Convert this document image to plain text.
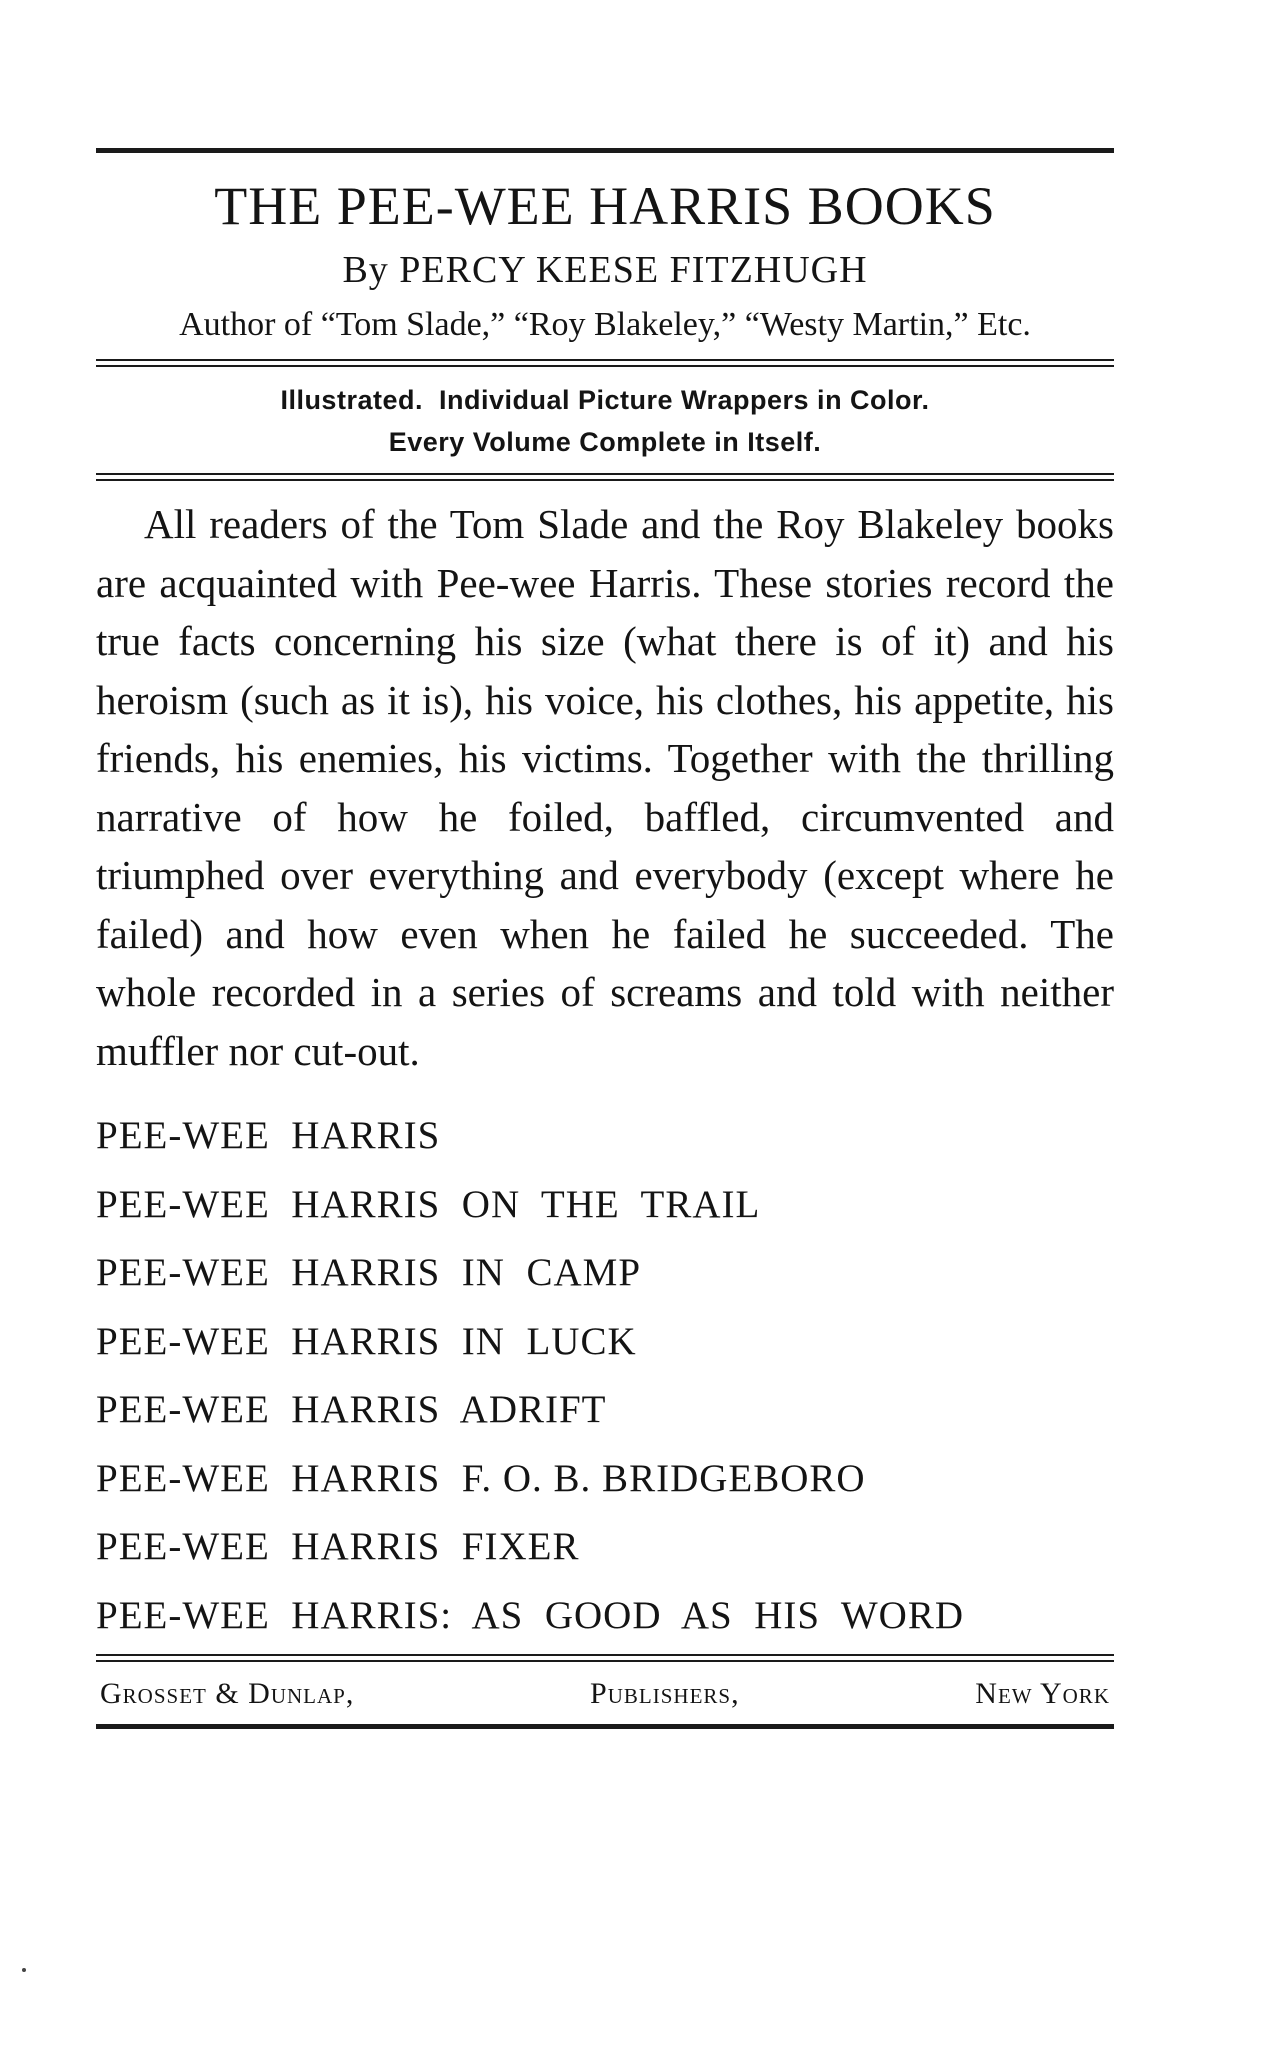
THE PEE-WEE HARRIS BOOKS
By PERCY KEESE FITZHUGH
Author of “Tom Slade,” “Roy Blakeley,” “Westy Martin,” Etc.
Illustrated.  Individual Picture Wrappers in Color.
Every Volume Complete in Itself.

All readers of the Tom Slade and the Roy Blakeley books are acquainted with Pee-wee Harris. These stories record the true facts concerning his size (what there is of it) and his heroism (such as it is), his voice, his clothes, his appetite, his friends, his enemies, his victims. Together with the thrilling narrative of how he foiled, baffled, circumvented and triumphed over everything and everybody (except where he failed) and how even when he failed he succeeded. The whole recorded in a series of screams and told with neither muffler nor cut-out.

PEE-WEE  HARRIS
PEE-WEE  HARRIS  ON  THE  TRAIL
PEE-WEE  HARRIS  IN  CAMP
PEE-WEE  HARRIS  IN  LUCK
PEE-WEE  HARRIS  ADRIFT
PEE-WEE  HARRIS  F. O. B. BRIDGEBORO
PEE-WEE  HARRIS  FIXER
PEE-WEE  HARRIS:  AS  GOOD  AS  HIS  WORD
Grosset & Dunlap,	Publishers,	New York
